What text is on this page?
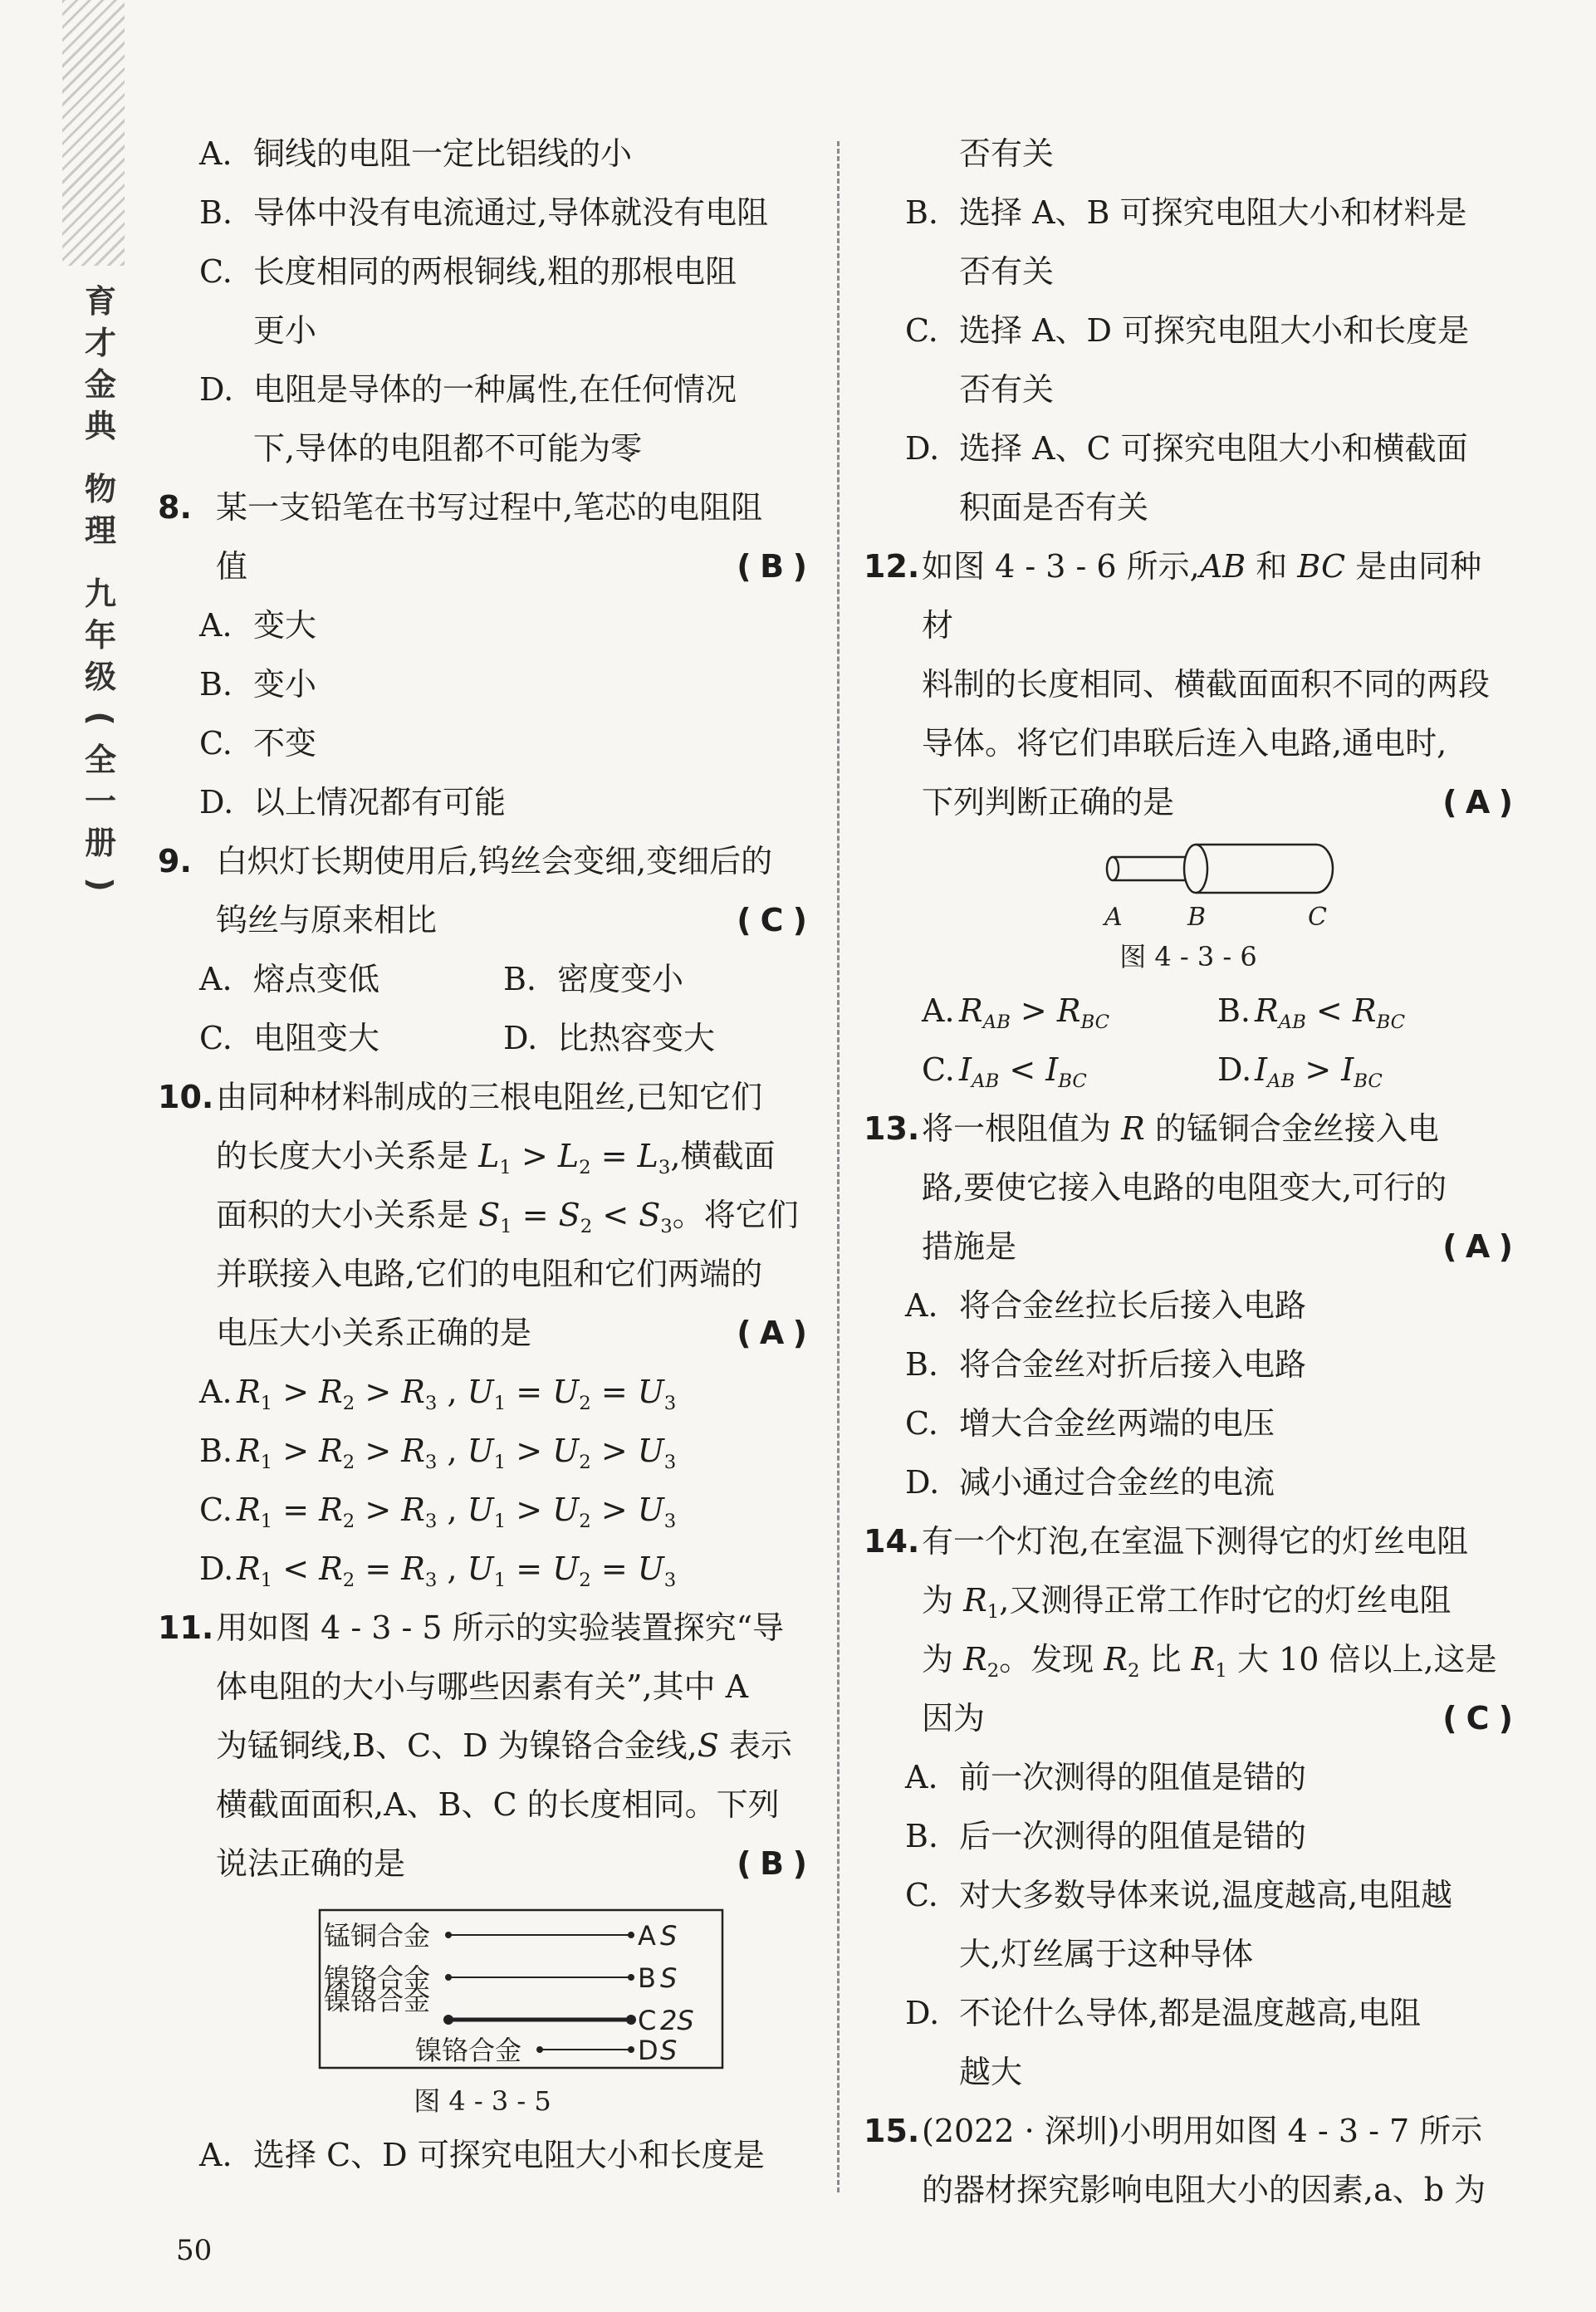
育
才
金
典
物
理
九
年
级
(
全
一
册
)
A. 铜线的电阻一定比铝线的小
B. 导体中没有电流通过,导体就没有电阻
C. 长度相同的两根铜线,粗的那根电阻
更小
D. 电阻是导体的一种属性,在任何情况
下,导体的电阻都不可能为零
8. 某一支铅笔在书写过程中,笔芯的电阻阻
值	( B )
A. 变大
B. 变小
C. 不变
D. 以上情况都有可能
9. 白炽灯长期使用后,钨丝会变细,变细后的
钨丝与原来相比	( C )
A. 熔点变低	B. 密度变小
C. 电阻变大	D. 比热容变大
10. 由同种材料制成的三根电阻丝,已知它们
的长度大小关系是 $L_1 > L_2 = L_3$,横截面
面积的大小关系是 $S_1 = S_2 < S_3$。将它们
并联接入电路,它们的电阻和它们两端的
电压大小关系正确的是	( A )
A. $R_1 > R_2 > R_3$ , $U_1 = U_2 = U_3$
B. $R_1 > R_2 > R_3$ , $U_1 > U_2 > U_3$
C. $R_1 = R_2 > R_3$ , $U_1 > U_2 > U_3$
D. $R_1 < R_2 = R_3$ , $U_1 = U_2 = U_3$
11. 用如图 4 - 3 - 5 所示的实验装置探究“导
体电阻的大小与哪些因素有关”,其中 A
为锰铜线,B、C、D 为镍铬合金线,S 表示
横截面面积,A、B、C 的长度相同。下列
说法正确的是	( B )
锰铜合金	A S
镍铬合金	B S
镍铬合金
C 2S
镍铬合金	D S
图 4 - 3 - 5
A. 选择 C、D 可探究电阻大小和长度是
否有关
B. 选择 A、B 可探究电阻大小和材料是
否有关
C. 选择 A、D 可探究电阻大小和长度是
否有关
D. 选择 A、C 可探究电阻大小和横截面
积面是否有关
12. 如图 4 - 3 - 6 所示,AB 和 BC 是由同种材
料制的长度相同、横截面面积不同的两段
导体。将它们串联后连入电路,通电时,
下列判断正确的是	( A )
A	B	C
图 4 - 3 - 6
A. $R_{AB} > R_{BC}$	B. $R_{AB} < R_{BC}$
C. $I_{AB} < I_{BC}$	D. $I_{AB} > I_{BC}$
13. 将一根阻值为 R 的锰铜合金丝接入电
路,要使它接入电路的电阻变大,可行的
措施是	( A )
A. 将合金丝拉长后接入电路
B. 将合金丝对折后接入电路
C. 增大合金丝两端的电压
D. 减小通过合金丝的电流
14. 有一个灯泡,在室温下测得它的灯丝电阻
为 $R_1$,又测得正常工作时它的灯丝电阻
为 $R_2$。发现 $R_2$ 比 $R_1$ 大 10 倍以上,这是
因为	( C )
A. 前一次测得的阻值是错的
B. 后一次测得的阻值是错的
C. 对大多数导体来说,温度越高,电阻越
大,灯丝属于这种导体
D. 不论什么导体,都是温度越高,电阻
越大
15. (2022 · 深圳)小明用如图 4 - 3 - 7 所示
的器材探究影响电阻大小的因素,a、b 为
50
